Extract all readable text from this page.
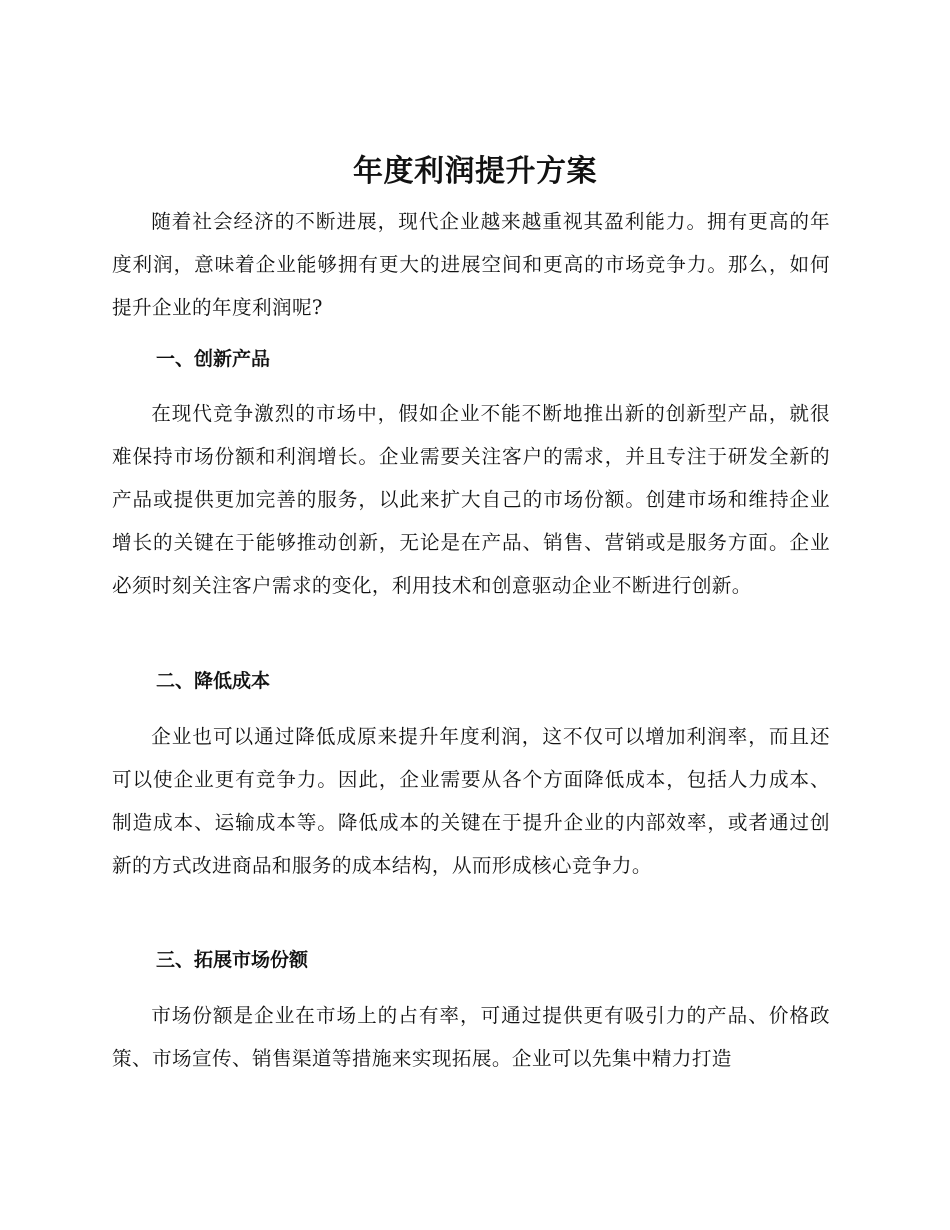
年度利润提升方案

随着社会经济的不断进展，现代企业越来越重视其盈利能力。拥有更高的年度利润，意味着企业能够拥有更大的进展空间和更高的市场竞争力。那么，如何提升企业的年度利润呢?

一、创新产品

在现代竞争激烈的市场中，假如企业不能不断地推出新的创新型产品，就很难保持市场份额和利润增长。企业需要关注客户的需求，并且专注于研发全新的产品或提供更加完善的服务，以此来扩大自己的市场份额。创建市场和维持企业增长的关键在于能够推动创新，无论是在产品、销售、营销或是服务方面。企业必须时刻关注客户需求的变化，利用技术和创意驱动企业不断进行创新。

二、降低成本

企业也可以通过降低成原来提升年度利润，这不仅可以增加利润率，而且还可以使企业更有竞争力。因此，企业需要从各个方面降低成本，包括人力成本、制造成本、运输成本等。降低成本的关键在于提升企业的内部效率，或者通过创新的方式改进商品和服务的成本结构，从而形成核心竞争力。

三、拓展市场份额

市场份额是企业在市场上的占有率，可通过提供更有吸引力的产品、价格政策、市场宣传、销售渠道等措施来实现拓展。企业可以先集中精力打造
